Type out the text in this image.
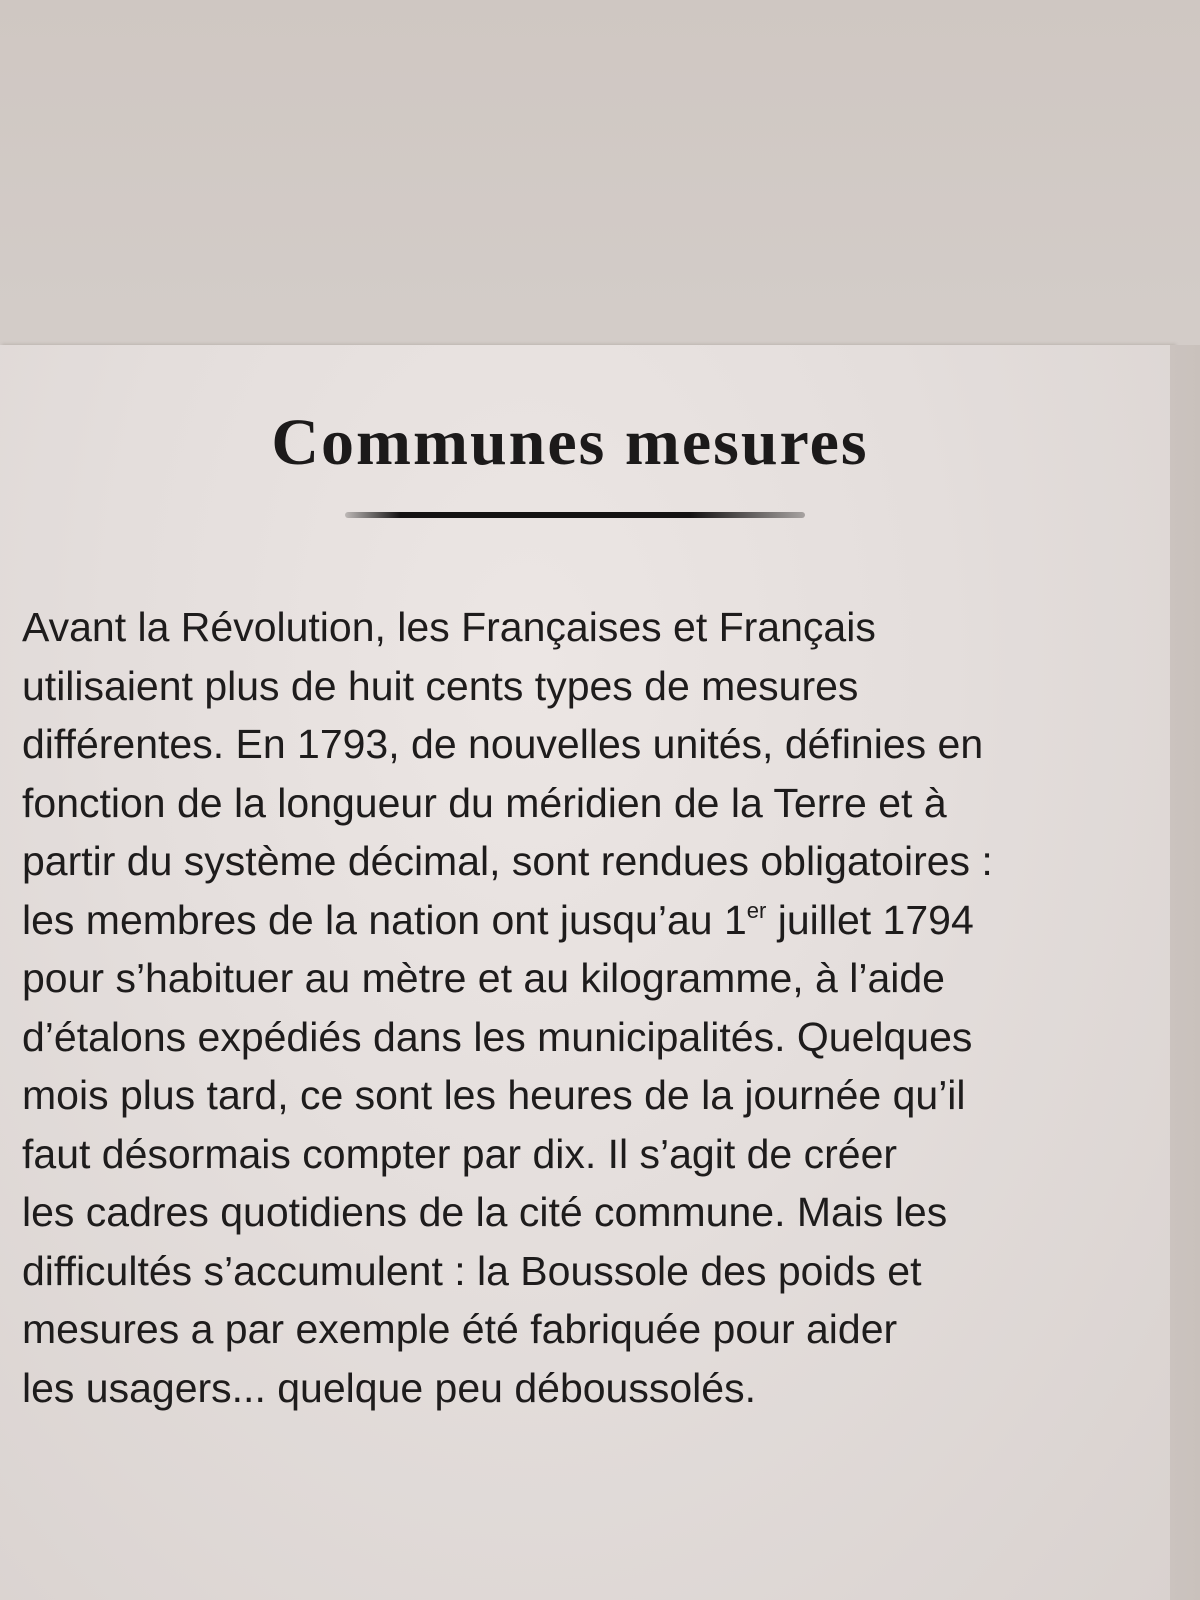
Communes mesures

Avant la Révolution, les Françaises et Français
utilisaient plus de huit cents types de mesures
différentes. En 1793, de nouvelles unités, définies en
fonction de la longueur du méridien de la Terre et à
partir du système décimal, sont rendues obligatoires :
les membres de la nation ont jusqu’au 1er juillet 1794
pour s’habituer au mètre et au kilogramme, à l’aide
d’étalons expédiés dans les municipalités. Quelques
mois plus tard, ce sont les heures de la journée qu’il
faut désormais compter par dix. Il s’agit de créer
les cadres quotidiens de la cité commune. Mais les
difficultés s’accumulent : la Boussole des poids et
mesures a par exemple été fabriquée pour aider
les usagers... quelque peu déboussolés.
